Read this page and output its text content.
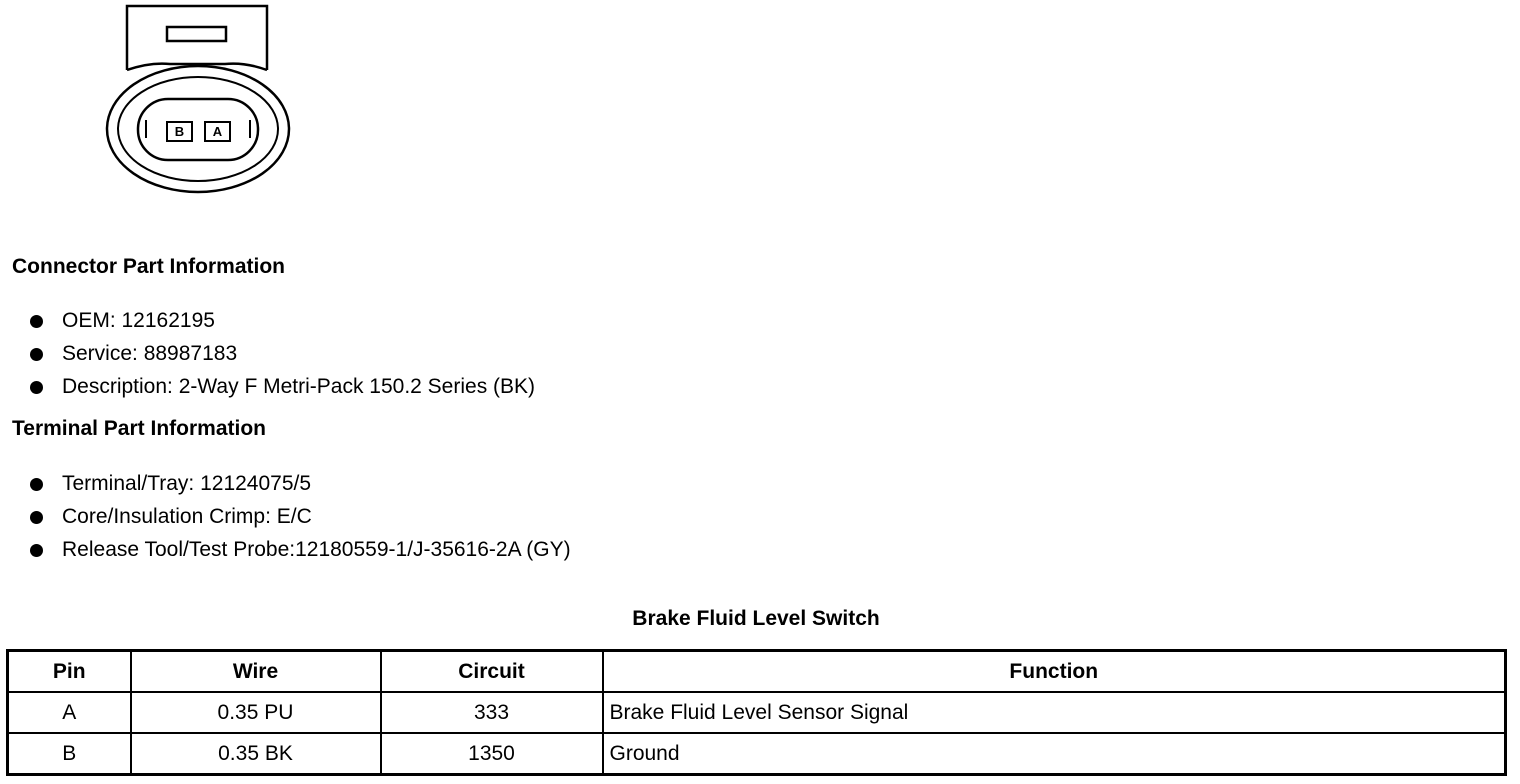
B A
Connector Part Information
OEM: 12162195
Service: 88987183
Description: 2-Way F Metri-Pack 150.2 Series (BK)
Terminal Part Information
Terminal/Tray: 12124075/5
Core/Insulation Crimp: E/C
Release Tool/Test Probe:12180559-1/J-35616-2A (GY)
Brake Fluid Level Switch
Pin	Wire	Circuit	Function
A	0.35 PU	333	Brake Fluid Level Sensor Signal
B	0.35 BK	1350	Ground
